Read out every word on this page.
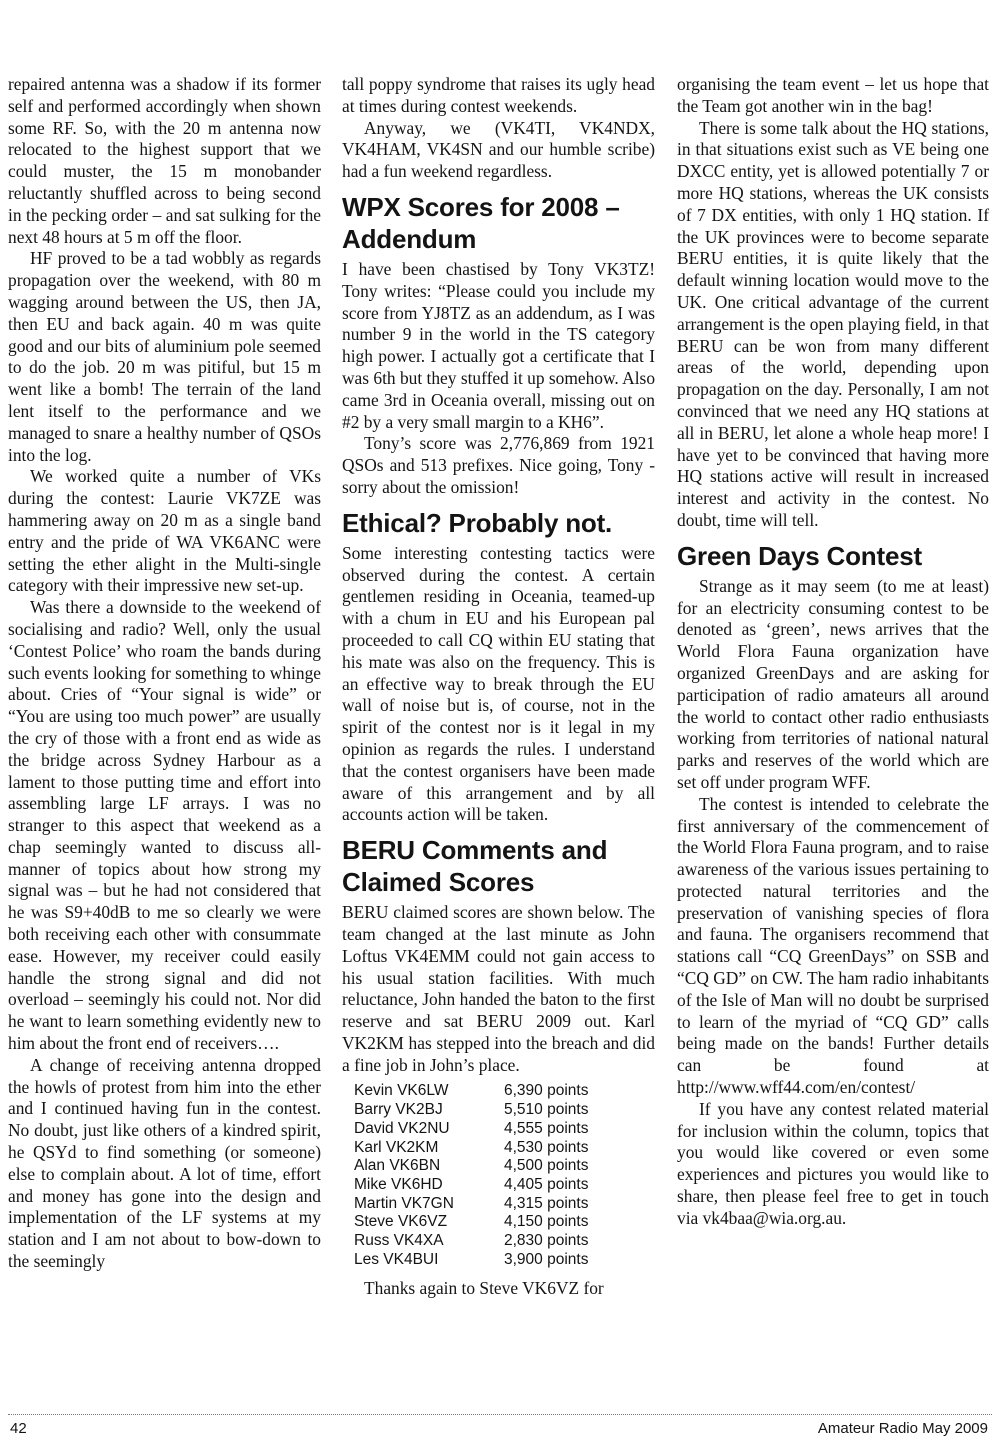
repaired antenna was a shadow if its former self and performed accordingly when shown some RF. So, with the 20 m antenna now relocated to the highest support that we could muster, the 15 m monobander reluctantly shuffled across to being second in the pecking order – and sat sulking for the next 48 hours at 5 m off the floor.

HF proved to be a tad wobbly as regards propagation over the weekend, with 80 m wagging around between the US, then JA, then EU and back again. 40 m was quite good and our bits of aluminium pole seemed to do the job. 20 m was pitiful, but 15 m went like a bomb! The terrain of the land lent itself to the performance and we managed to snare a healthy number of QSOs into the log.

We worked quite a number of VKs during the contest: Laurie VK7ZE was hammering away on 20 m as a single band entry and the pride of WA VK6ANC were setting the ether alight in the Multi-single category with their impressive new set-up.

Was there a downside to the weekend of socialising and radio? Well, only the usual ‘Contest Police’ who roam the bands during such events looking for something to whinge about. Cries of “Your signal is wide” or “You are using too much power” are usually the cry of those with a front end as wide as the bridge across Sydney Harbour as a lament to those putting time and effort into assembling large LF arrays. I was no stranger to this aspect that weekend as a chap seemingly wanted to discuss all-manner of topics about how strong my signal was – but he had not considered that he was S9+40dB to me so clearly we were both receiving each other with consummate ease. However, my receiver could easily handle the strong signal and did not overload – seemingly his could not. Nor did he want to learn something evidently new to him about the front end of receivers….

A change of receiving antenna dropped the howls of protest from him into the ether and I continued having fun in the contest. No doubt, just like others of a kindred spirit, he QSYd to find something (or someone) else to complain about. A lot of time, effort and money has gone into the design and implementation of the LF systems at my station and I am not about to bow-down to the seemingly

tall poppy syndrome that raises its ugly head at times during contest weekends.

Anyway, we (VK4TI, VK4NDX, VK4HAM, VK4SN and our humble scribe) had a fun weekend regardless.

WPX Scores for 2008 – Addendum

I have been chastised by Tony VK3TZ! Tony writes: “Please could you include my score from YJ8TZ as an addendum, as I was number 9 in the world in the TS category high power. I actually got a certificate that I was 6th but they stuffed it up somehow. Also came 3rd in Oceania overall, missing out on #2 by a very small margin to a KH6”.

Tony’s score was 2,776,869 from 1921 QSOs and 513 prefixes. Nice going, Tony - sorry about the omission!

Ethical? Probably not.

Some interesting contesting tactics were observed during the contest. A certain gentlemen residing in Oceania, teamed-up with a chum in EU and his European pal proceeded to call CQ within EU stating that his mate was also on the frequency. This is an effective way to break through the EU wall of noise but is, of course, not in the spirit of the contest nor is it legal in my opinion as regards the rules. I understand that the contest organisers have been made aware of this arrangement and by all accounts action will be taken.

BERU Comments and Claimed Scores

BERU claimed scores are shown below. The team changed at the last minute as John Loftus VK4EMM could not gain access to his usual station facilities. With much reluctance, John handed the baton to the first reserve and sat BERU 2009 out. Karl VK2KM has stepped into the breach and did a fine job in John’s place.

Kevin VK6LW	6,390 points
Barry VK2BJ	5,510 points
David VK2NU	4,555 points
Karl VK2KM	4,530 points
Alan VK6BN	4,500 points
Mike VK6HD	4,405 points
Martin VK7GN	4,315 points
Steve VK6VZ	4,150 points
Russ VK4XA	2,830 points
Les VK4BUI	3,900 points

Thanks again to Steve VK6VZ for

organising the team event – let us hope that the Team got another win in the bag!

There is some talk about the HQ stations, in that situations exist such as VE being one DXCC entity, yet is allowed potentially 7 or more HQ stations, whereas the UK consists of 7 DX entities, with only 1 HQ station. If the UK provinces were to become separate BERU entities, it is quite likely that the default winning location would move to the UK. One critical advantage of the current arrangement is the open playing field, in that BERU can be won from many different areas of the world, depending upon propagation on the day. Personally, I am not convinced that we need any HQ stations at all in BERU, let alone a whole heap more! I have yet to be convinced that having more HQ stations active will result in increased interest and activity in the contest. No doubt, time will tell.

Green Days Contest

Strange as it may seem (to me at least) for an electricity consuming contest to be denoted as ‘green’, news arrives that the World Flora Fauna organization have organized GreenDays and are asking for participation of radio amateurs all around the world to contact other radio enthusiasts working from territories of national natural parks and reserves of the world which are set off under program WFF.

The contest is intended to celebrate the first anniversary of the commencement of the World Flora Fauna program, and to raise awareness of the various issues pertaining to protected natural territories and the preservation of vanishing species of flora and fauna. The organisers recommend that stations call “CQ GreenDays” on SSB and “CQ GD” on CW. The ham radio inhabitants of the Isle of Man will no doubt be surprised to learn of the myriad of “CQ GD” calls being made on the bands! Further details can be found at http://www.wff44.com/en/contest/

If you have any contest related material for inclusion within the column, topics that you would like covered or even some experiences and pictures you would like to share, then please feel free to get in touch via vk4baa@wia.org.au.

42	Amateur Radio May 2009
